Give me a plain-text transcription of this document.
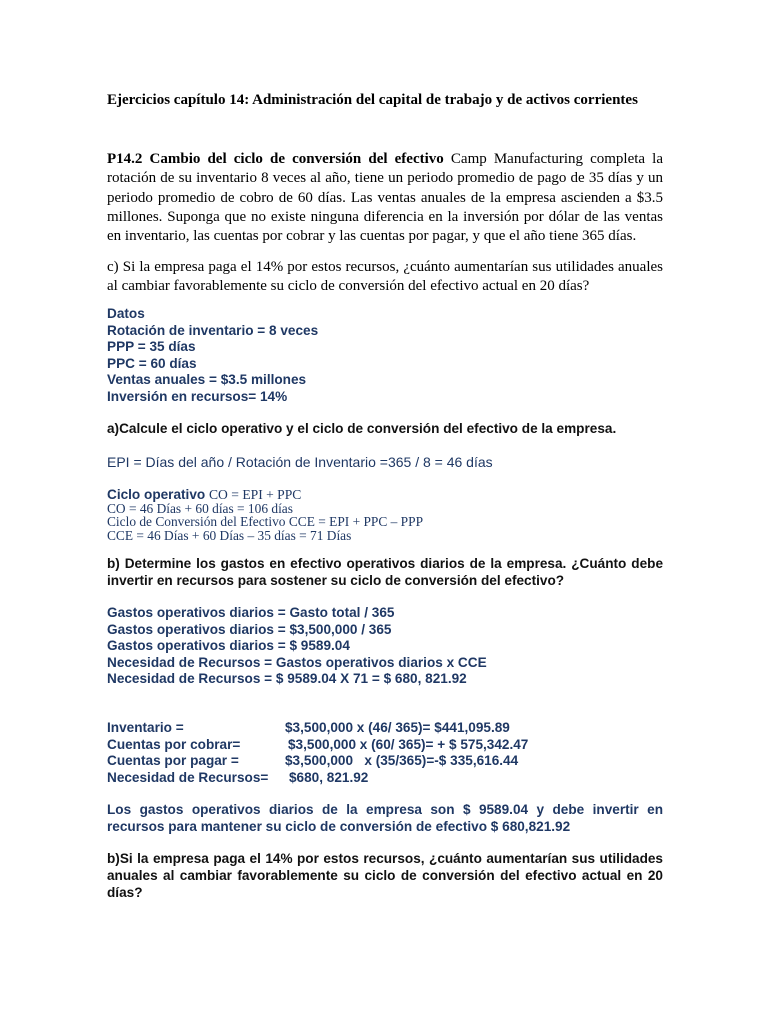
Ejercicios capítulo 14: Administración del capital de trabajo y de activos corrientes
P14.2 Cambio del ciclo de conversión del efectivo Camp Manufacturing completa la rotación de su inventario 8 veces al año, tiene un periodo promedio de pago de 35 días y un periodo promedio de cobro de 60 días. Las ventas anuales de la empresa ascienden a $3.5 millones. Suponga que no existe ninguna diferencia en la inversión por dólar de las ventas en inventario, las cuentas por cobrar y las cuentas por pagar, y que el año tiene 365 días.
c) Si la empresa paga el 14% por estos recursos, ¿cuánto aumentarían sus utilidades anuales al cambiar favorablemente su ciclo de conversión del efectivo actual en 20 días?
Datos
Rotación de inventario = 8 veces
PPP = 35 días
PPC = 60 días
Ventas anuales = $3.5 millones
Inversión en recursos= 14%
a)Calcule el ciclo operativo y el ciclo de conversión del efectivo de la empresa.
EPI = Días del año / Rotación de Inventario =365 / 8 = 46 días
Ciclo operativo CO = EPI + PPC
CO = 46 Días + 60 días = 106 días
Ciclo de Conversión del Efectivo CCE = EPI + PPC – PPP
CCE = 46 Días + 60 Días – 35 días = 71 Días
b) Determine los gastos en efectivo operativos diarios de la empresa. ¿Cuánto debe invertir en recursos para sostener su ciclo de conversión del efectivo?
Gastos operativos diarios = Gasto total / 365
Gastos operativos diarios = $3,500,000 / 365
Gastos operativos diarios = $ 9589.04
Necesidad de Recursos = Gastos operativos diarios x CCE
Necesidad de Recursos = $ 9589.04 X 71 = $ 680, 821.92
Inventario =	$3,500,000 x (46/ 365)= $441,095.89
Cuentas por cobrar=	$3,500,000 x (60/ 365)= + $ 575,342.47
Cuentas por pagar =	$3,500,000   x (35/365)=-$ 335,616.44
Necesidad de Recursos= $680, 821.92
Los gastos operativos diarios de la empresa son $ 9589.04 y debe invertir en recursos para mantener su ciclo de conversión de efectivo $ 680,821.92
b)Si la empresa paga el 14% por estos recursos, ¿cuánto aumentarían sus utilidades anuales al cambiar favorablemente su ciclo de conversión del efectivo actual en 20 días?
